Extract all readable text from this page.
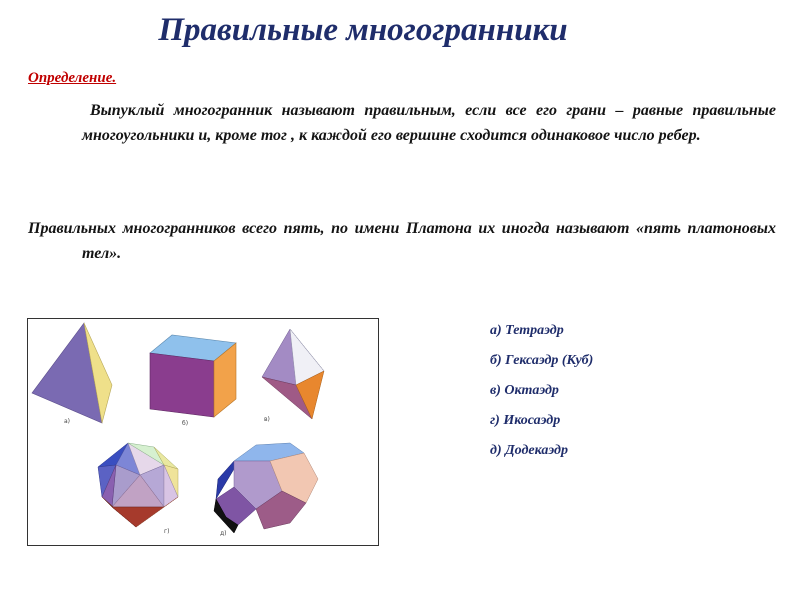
Правильные многогранники
Определение.

Выпуклый многогранник называют правильным, если все его грани – равные правильные многоугольники и, кроме тог , к каждой его вершине сходится одинаковое число ребер.

Правильных многогранников всего пять, по имени Платона их иногда называют «пять платоновых тел».

а)	б)
в)
г)	д)
а) Тетраэдр
б) Гексаэдр (Куб)
в) Октаэдр
г) Икосаэдр
д) Додекаэдр
